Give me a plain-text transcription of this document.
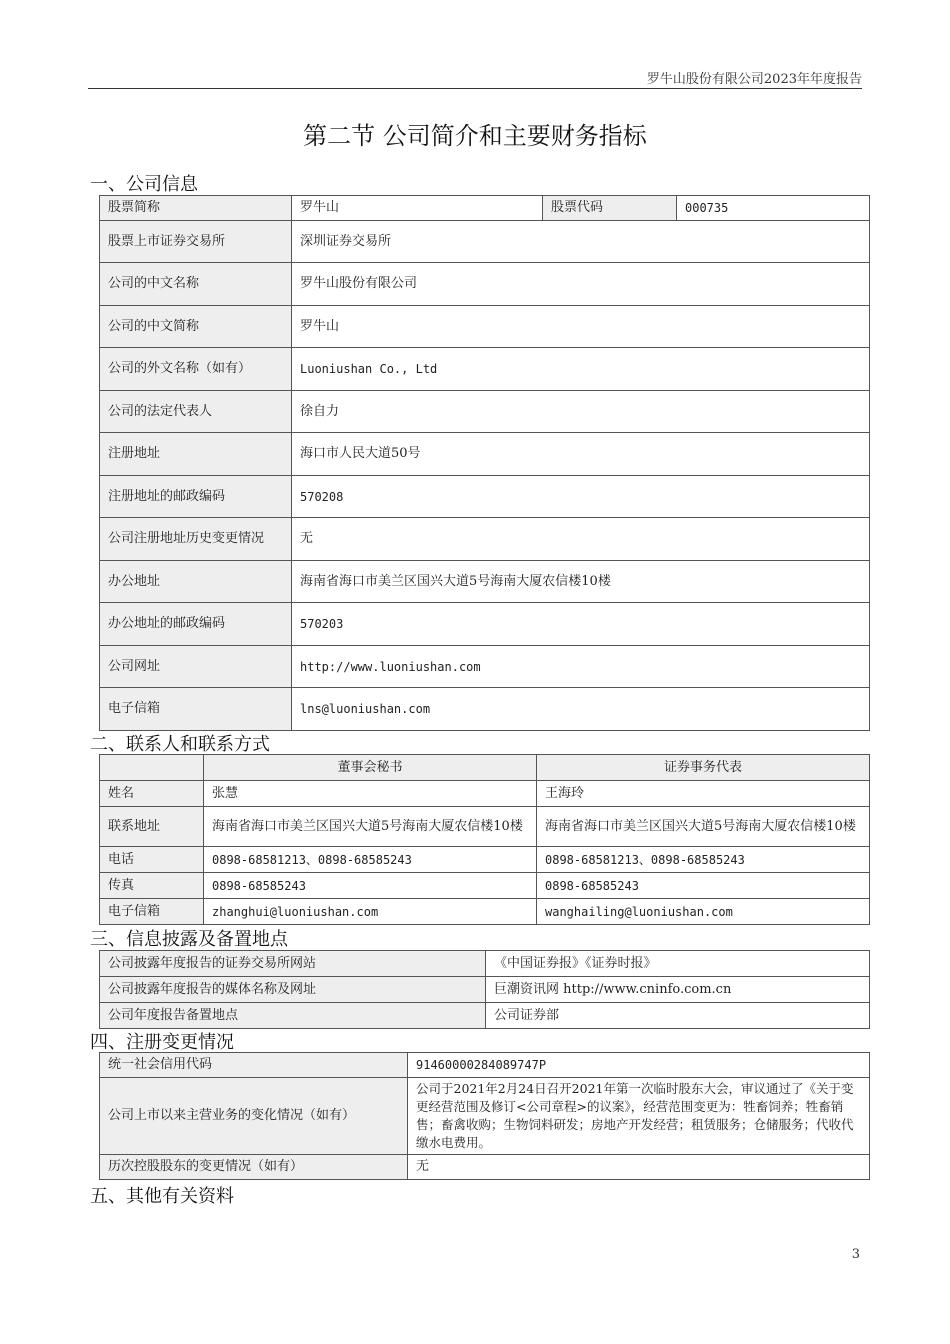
罗牛山股份有限公司2023年年度报告
第二节 公司简介和主要财务指标
一、公司信息
股票简称	罗牛山	股票代码	000735
股票上市证券交易所	深圳证券交易所		
公司的中文名称	罗牛山股份有限公司		
公司的中文简称	罗牛山		
公司的外文名称（如有）	Luoniushan Co., Ltd		
公司的法定代表人	徐自力		
注册地址	海口市人民大道50号		
注册地址的邮政编码	570208		
公司注册地址历史变更情况	无		
办公地址	海南省海口市美兰区国兴大道5号海南大厦农信楼10楼		
办公地址的邮政编码	570203		
公司网址	http://www.luoniushan.com		
电子信箱	lns@luoniushan.com		
二、联系人和联系方式
	董事会秘书	证券事务代表
姓名	张慧	王海玲
联系地址	海南省海口市美兰区国兴大道5号海南大厦农信楼10楼	海南省海口市美兰区国兴大道5号海南大厦农信楼10楼
电话	0898-68581213、0898-68585243	0898-68581213、0898-68585243
传真	0898-68585243	0898-68585243
电子信箱	zhanghui@luoniushan.com	wanghailing@luoniushan.com
三、信息披露及备置地点
公司披露年度报告的证券交易所网站	《中国证券报》《证券时报》
公司披露年度报告的媒体名称及网址	巨潮资讯网 http://www.cninfo.com.cn
公司年度报告备置地点	公司证券部
四、注册变更情况
统一社会信用代码	91460000284089747P
公司上市以来主营业务的变化情况（如有）	公司于2021年2月24日召开2021年第一次临时股东大会，审议通过了《关于变更经营范围及修订<公司章程>的议案》，经营范围变更为：牲畜饲养；牲畜销售；畜禽收购；生物饲料研发；房地产开发经营；租赁服务；仓储服务；代收代缴水电费用。
历次控股股东的变更情况（如有）	无
五、其他有关资料
3
